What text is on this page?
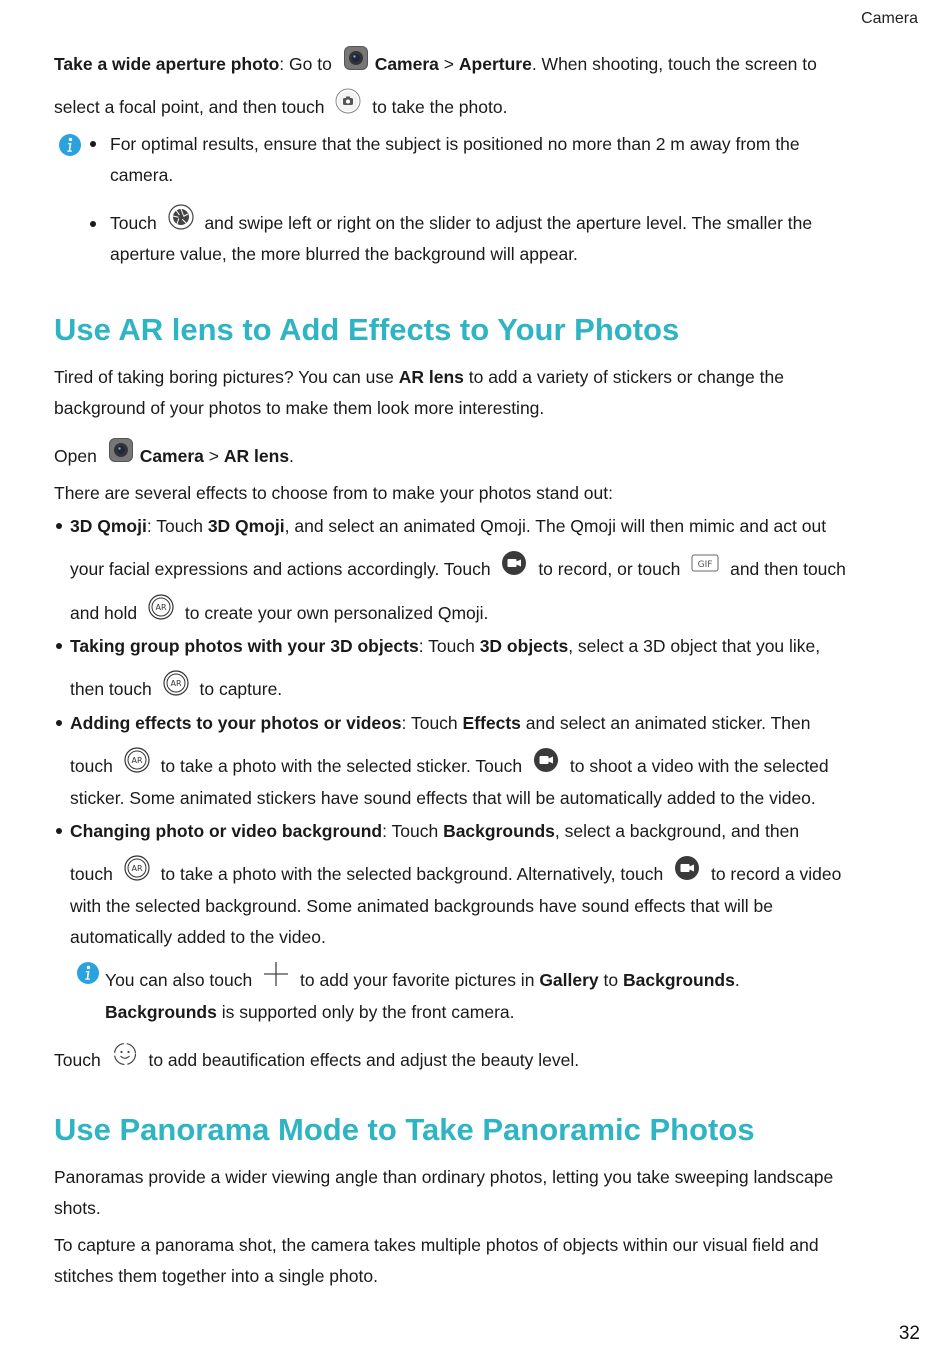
Camera
32
Take a wide aperture photo: Go to Camera > Aperture. When shooting, touch the screen to
select a focal point, and then touch	to take the photo.
For optimal results, ensure that the subject is positioned no more than 2 m away from the
camera.
Touch	and swipe left or right on the slider to adjust the aperture level. The smaller the
aperture value, the more blurred the background will appear.
Use AR lens to Add Effects to Your Photos
Tired of taking boring pictures? You can use AR lens to add a variety of stickers or change the
background of your photos to make them look more interesting.
Open Camera > AR lens.
There are several effects to choose from to make your photos stand out:
3D Qmoji: Touch 3D Qmoji, and select an animated Qmoji. The Qmoji will then mimic and act out
your facial expressions and actions accordingly. Touch	to record, or touch GIF and then touch
and hold AR to create your own personalized Qmoji.
Taking group photos with your 3D objects: Touch 3D objects, select a 3D object that you like,
then touch AR to capture.
Adding effects to your photos or videos: Touch Effects and select an animated sticker. Then
touch AR to take a photo with the selected sticker. Touch	to shoot a video with the selected
sticker. Some animated stickers have sound effects that will be automatically added to the video.
Changing photo or video background: Touch Backgrounds, select a background, and then
touch AR to take a photo with the selected background. Alternatively, touch	to record a video
with the selected background. Some animated backgrounds have sound effects that will be
automatically added to the video.
You can also touch	to add your favorite pictures in Gallery to Backgrounds.
Backgrounds is supported only by the front camera.
Touch	to add beautification effects and adjust the beauty level.
Use Panorama Mode to Take Panoramic Photos
Panoramas provide a wider viewing angle than ordinary photos, letting you take sweeping landscape
shots.
To capture a panorama shot, the camera takes multiple photos of objects within our visual field and
stitches them together into a single photo.
